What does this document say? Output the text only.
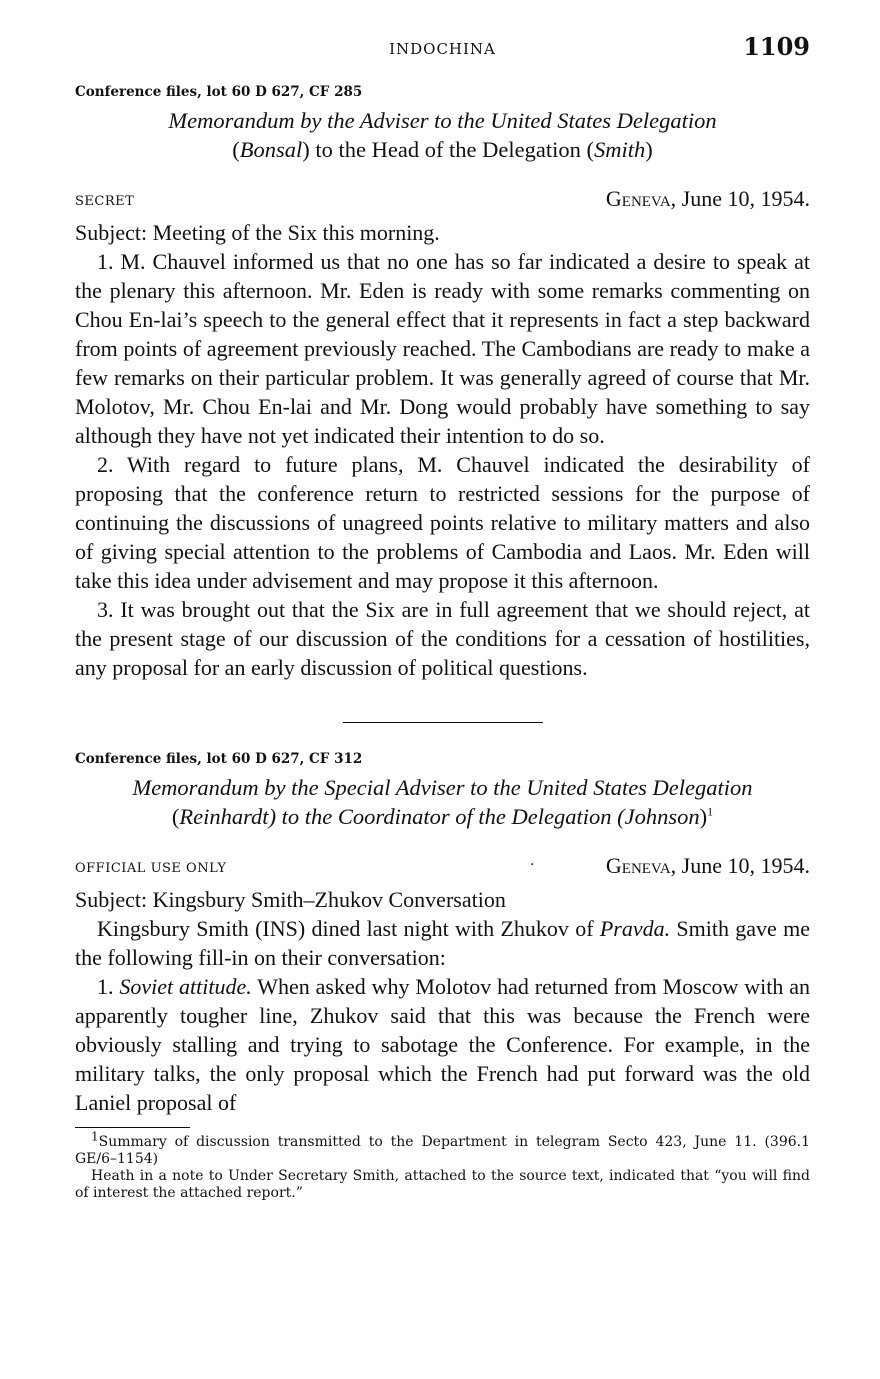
INDOCHINA	1109
Conference files, lot 60 D 627, CF 285
Memorandum by the Adviser to the United States Delegation
(Bonsal) to the Head of the Delegation (Smith)
SECRET	Geneva, June 10, 1954.

Subject: Meeting of the Six this morning.

1. M. Chauvel informed us that no one has so far indicated a desire to speak at the plenary this afternoon. Mr. Eden is ready with some remarks commenting on Chou En-lai’s speech to the general effect that it represents in fact a step backward from points of agreement previously reached. The Cambodians are ready to make a few remarks on their particular problem. It was generally agreed of course that Mr. Molotov, Mr. Chou En-lai and Mr. Dong would probably have something to say although they have not yet indicated their intention to do so.

2. With regard to future plans, M. Chauvel indicated the desirability of proposing that the conference return to restricted sessions for the purpose of continuing the discussions of unagreed points relative to military matters and also of giving special attention to the problems of Cambodia and Laos. Mr. Eden will take this idea under advisement and may propose it this afternoon.

3. It was brought out that the Six are in full agreement that we should reject, at the present stage of our discussion of the conditions for a cessation of hostilities, any proposal for an early discussion of political questions.

Conference files, lot 60 D 627, CF 312
Memorandum by the Special Adviser to the United States Delegation
(Reinhardt) to the Coordinator of the Delegation (Johnson)$^1$
OFFICIAL USE ONLY	·	Geneva, June 10, 1954.

Subject: Kingsbury Smith–Zhukov Conversation

Kingsbury Smith (INS) dined last night with Zhukov of Pravda. Smith gave me the following fill-in on their conversation:

1. Soviet attitude. When asked why Molotov had returned from Moscow with an apparently tougher line, Zhukov said that this was because the French were obviously stalling and trying to sabotage the Conference. For example, in the military talks, the only proposal which the French had put forward was the old Laniel proposal of

$^1$Summary of discussion transmitted to the Department in telegram Secto 423, June 11. (396.1 GE/6–1154)

Heath in a note to Under Secretary Smith, attached to the source text, indicated that “you will find of interest the attached report.”
